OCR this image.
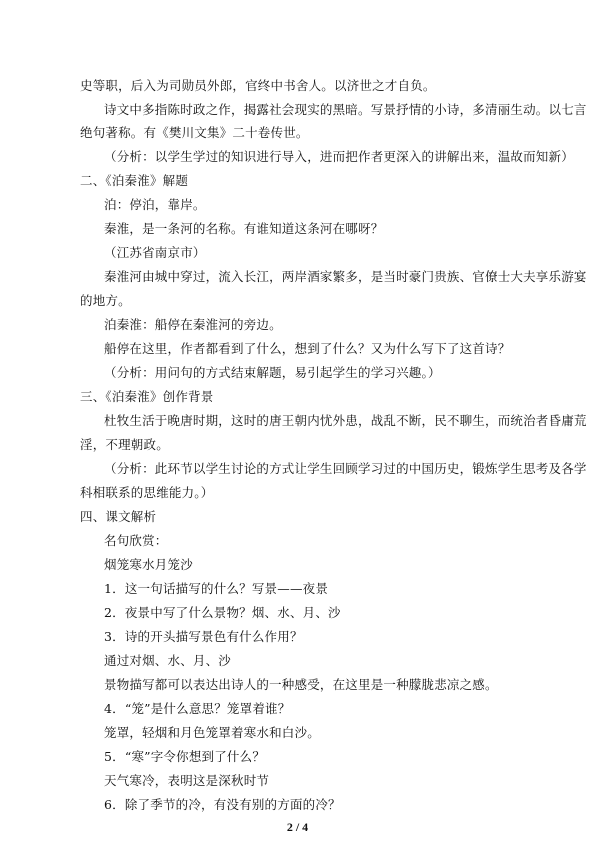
史等职，后入为司勋员外郎，官终中书舍人。以济世之才自负。
诗文中多指陈时政之作，揭露社会现实的黑暗。写景抒情的小诗，多清丽生动。以七言
绝句著称。有《樊川文集》二十卷传世。
（分析：以学生学过的知识进行导入，进而把作者更深入的讲解出来，温故而知新）
二、《泊秦淮》解题
泊：停泊，靠岸。
秦淮，是一条河的名称。有谁知道这条河在哪呀？
（江苏省南京市）
秦淮河由城中穿过，流入长江，两岸酒家繁多，是当时豪门贵族、官僚士大夫享乐游宴
的地方。
泊秦淮：船停在秦淮河的旁边。
船停在这里，作者都看到了什么，想到了什么？又为什么写下了这首诗？
（分析：用问句的方式结束解题，易引起学生的学习兴趣。）
三、《泊秦淮》创作背景
杜牧生活于晚唐时期，这时的唐王朝内忧外患，战乱不断，民不聊生，而统治者昏庸荒
淫，不理朝政。
（分析：此环节以学生讨论的方式让学生回顾学习过的中国历史，锻炼学生思考及各学
科相联系的思维能力。）
四、课文解析
名句欣赏：
烟笼寒水月笼沙
1．这一句话描写的什么？写景——夜景
2．夜景中写了什么景物？烟、水、月、沙
3．诗的开头描写景色有什么作用？
通过对烟、水、月、沙
景物描写都可以表达出诗人的一种感受，在这里是一种朦胧悲凉之感。
4．“笼”是什么意思？笼罩着谁？
笼罩，轻烟和月色笼罩着寒水和白沙。
5．“寒”字令你想到了什么？
天气寒冷，表明这是深秋时节
6．除了季节的冷，有没有别的方面的冷？
2 / 4
